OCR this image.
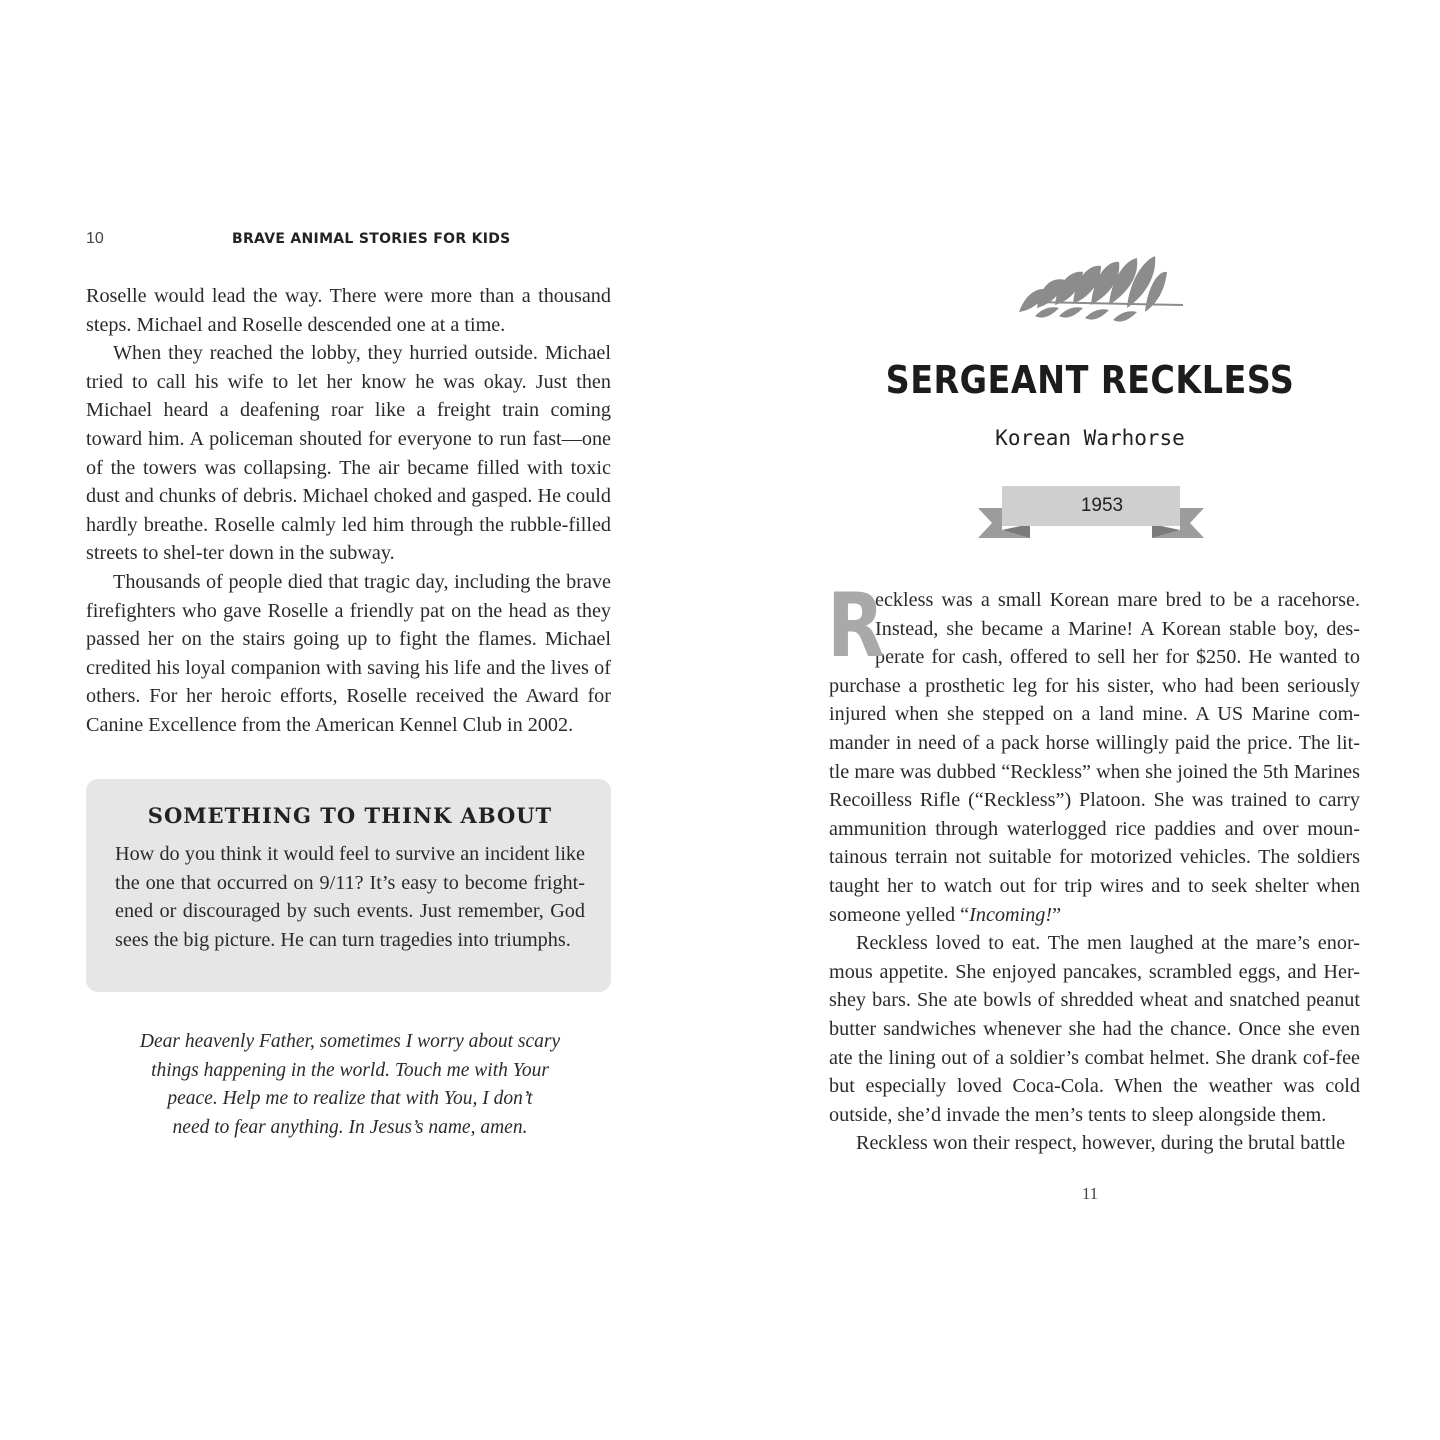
10	BRAVE ANIMAL STORIES FOR KIDS

Roselle would lead the way. There were more than a thousand steps. Michael and Roselle descended one at a time.

When they reached the lobby, they hurried outside. Michael tried to call his wife to let her know he was okay. Just then Michael heard a deafening roar like a freight train coming toward him. A policeman shouted for everyone to run fast—one of the towers was collapsing. The air became filled with toxic dust and chunks of debris. Michael choked and gasped. He could hardly breathe. Roselle calmly led him through the rubble-filled streets to shel-ter down in the subway.

Thousands of people died that tragic day, including the brave firefighters who gave Roselle a friendly pat on the head as they passed her on the stairs going up to fight the flames. Michael credited his loyal companion with saving his life and the lives of others. For her heroic efforts, Roselle received the Award for Canine Excellence from the American Kennel Club in 2002.

SOMETHING TO THINK ABOUT

How do you think it would feel to survive an incident like the one that occurred on 9/11? It’s easy to become fright-ened or discouraged by such events. Just remember, God sees the big picture. He can turn tragedies into triumphs.

Dear heavenly Father, sometimes I worry about scary
things happening in the world. Touch me with Your
peace. Help me to realize that with You, I don’t
need to fear anything. In Jesus’s name, amen.
SERGEANT RECKLESS
Korean Warhorse
1953

R
eckless was a small Korean mare bred to be a racehorse. Instead, she became a Marine! A Korean stable boy, des-perate for cash, offered to sell her for $250. He wanted to purchase a prosthetic leg for his sister, who had been seriously injured when she stepped on a land mine. A US Marine com-mander in need of a pack horse willingly paid the price. The lit-tle mare was dubbed “Reckless” when she joined the 5th Marines Recoilless Rifle (“Reckless”) Platoon. She was trained to carry ammunition through waterlogged rice paddies and over moun-tainous terrain not suitable for motorized vehicles. The soldiers taught her to watch out for trip wires and to seek shelter when someone yelled “Incoming!”

Reckless loved to eat. The men laughed at the mare’s enor-mous appetite. She enjoyed pancakes, scrambled eggs, and Her-shey bars. She ate bowls of shredded wheat and snatched peanut butter sandwiches whenever she had the chance. Once she even ate the lining out of a soldier’s combat helmet. She drank cof-fee but especially loved Coca-Cola. When the weather was cold outside, she’d invade the men’s tents to sleep alongside them.

Reckless won their respect, however, during the brutal battle

11
